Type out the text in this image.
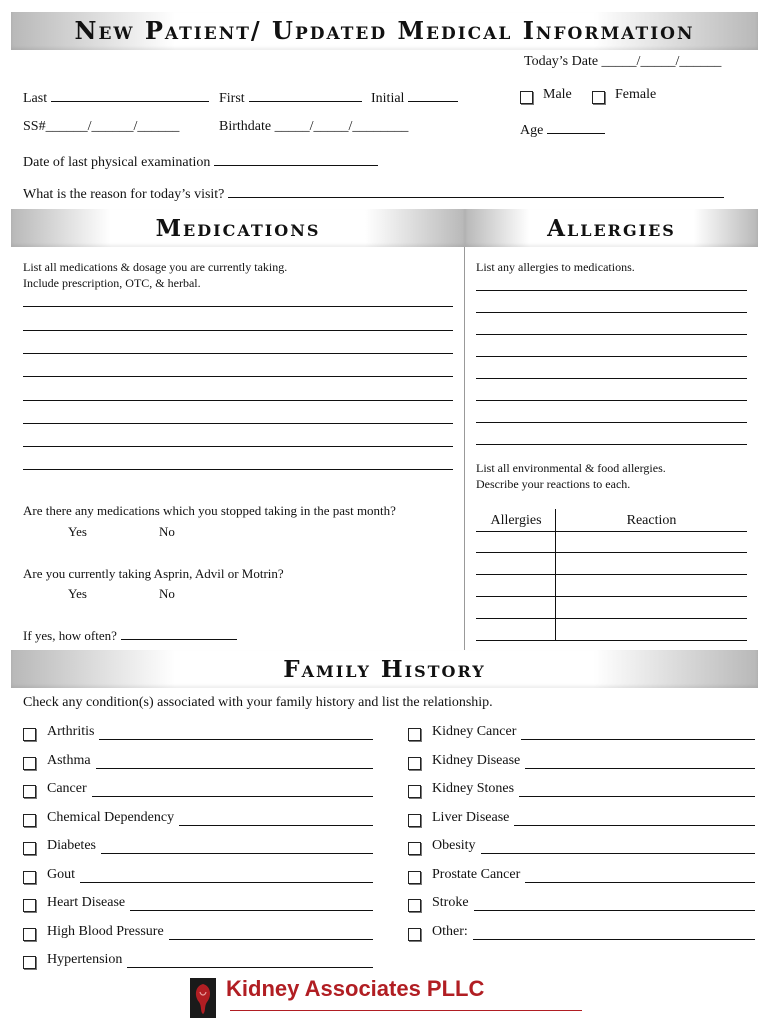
New Patient/ Updated Medical Information
Today’s Date _____/_____/______
Last	First	Initial	Male	Female
SS#______/______/______	Birthdate _____/_____/________	Age
Date of last physical examination
What is the reason for today’s visit?
Medications	Allergies
List all medications & dosage you are currently taking.
Include prescription, OTC, & herbal.
Are there any medications which you stopped taking in the past month?
Yes	No
Are you currently taking Asprin, Advil or Motrin?
Yes	No
If yes, how often?
List any allergies to medications.
List all environmental & food allergies.
Describe your reactions to each.
Allergies	Reaction
Family History
Check any condition(s) associated with your family history and list the relationship.
Arthritis
Asthma
Cancer
Chemical Dependency
Diabetes
Gout
Heart Disease
High Blood Pressure
Hypertension
Kidney Cancer
Kidney Disease
Kidney Stones
Liver Disease
Obesity
Prostate Cancer
Stroke
Other:
Kidney Associates PLLC
